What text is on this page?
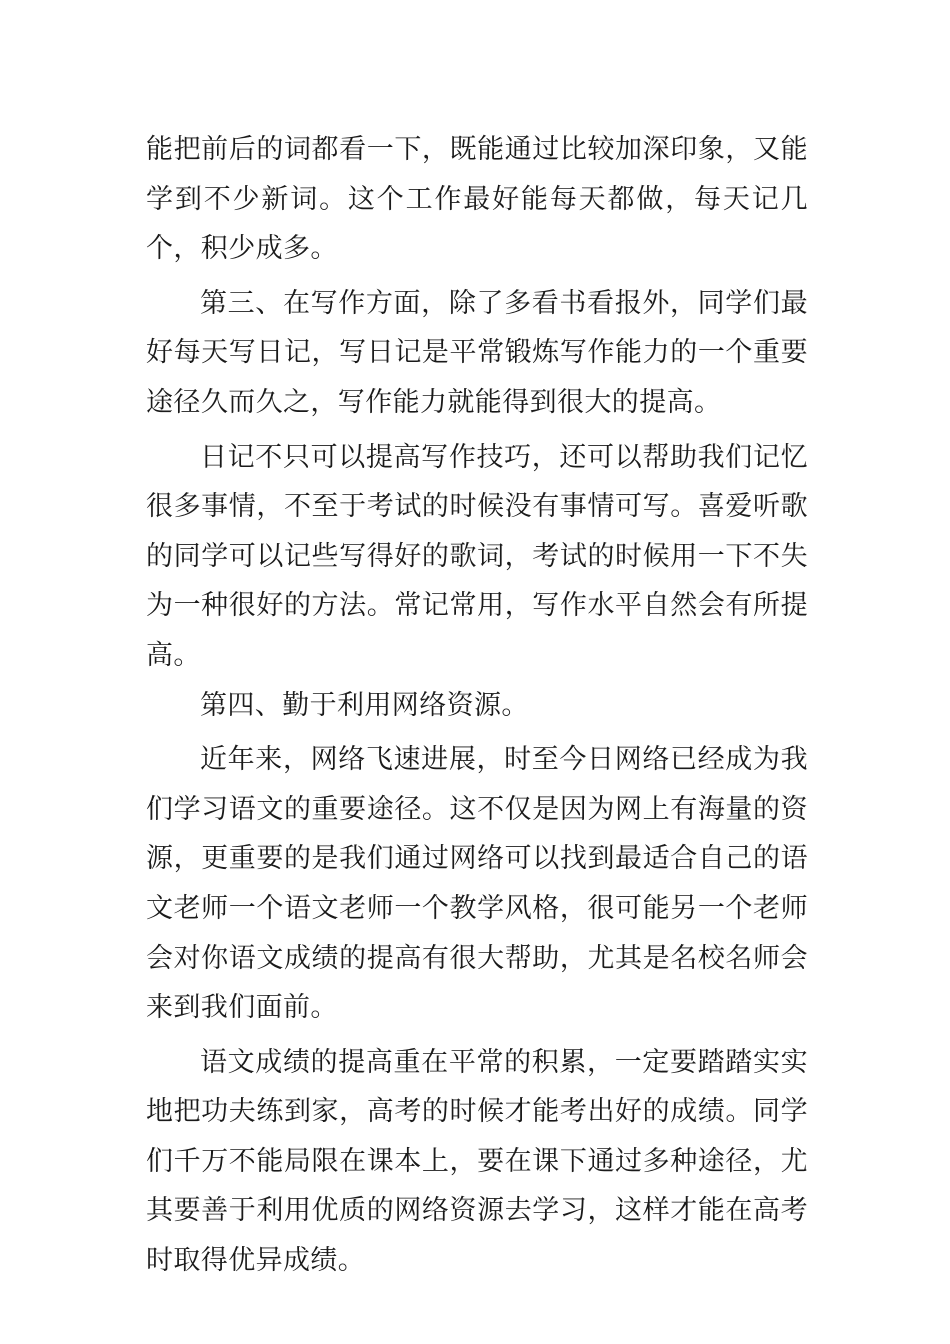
能把前后的词都看一下，既能通过比较加深印象，又能学到不少新词。这个工作最好能每天都做，每天记几个，积少成多。

第三、在写作方面，除了多看书看报外，同学们最好每天写日记，写日记是平常锻炼写作能力的一个重要途径久而久之，写作能力就能得到很大的提高。

日记不只可以提高写作技巧，还可以帮助我们记忆很多事情，不至于考试的时候没有事情可写。喜爱听歌的同学可以记些写得好的歌词，考试的时候用一下不失为一种很好的方法。常记常用，写作水平自然会有所提高。

第四、勤于利用网络资源。

近年来，网络飞速进展，时至今日网络已经成为我们学习语文的重要途径。这不仅是因为网上有海量的资源，更重要的是我们通过网络可以找到最适合自己的语文老师一个语文老师一个教学风格，很可能另一个老师会对你语文成绩的提高有很大帮助，尤其是名校名师会来到我们面前。

语文成绩的提高重在平常的积累，一定要踏踏实实地把功夫练到家，高考的时候才能考出好的成绩。同学们千万不能局限在课本上，要在课下通过多种途径，尤其要善于利用优质的网络资源去学习，这样才能在高考时取得优异成绩。
